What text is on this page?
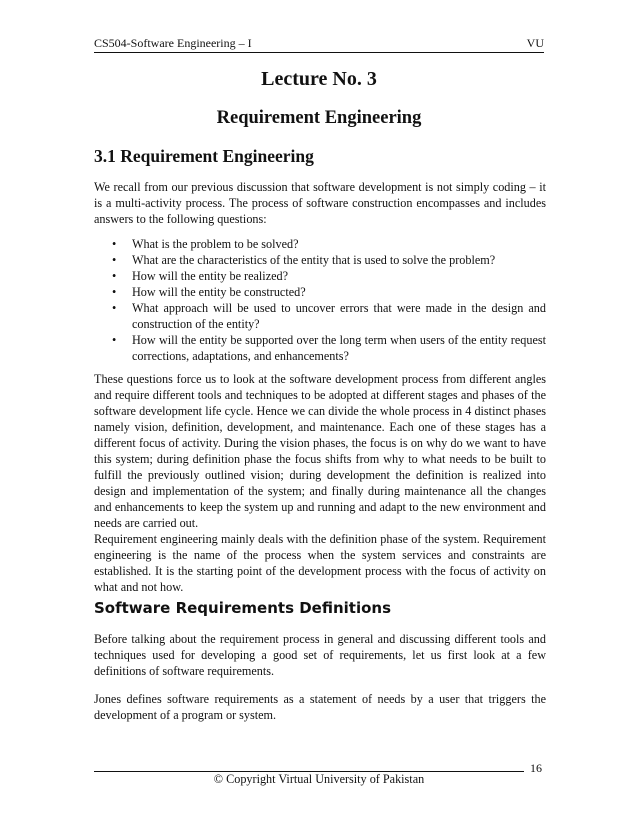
CS504-Software Engineering – I	VU
Lecture No. 3
Requirement Engineering
3.1 Requirement Engineering

We recall from our previous discussion that software development is not simply coding – it is a multi-activity process. The process of software construction encompasses and includes answers to the following questions:

• What is the problem to be solved?
• What are the characteristics of the entity that is used to solve the problem?
• How will the entity be realized?
• How will the entity be constructed?
• What approach will be used to uncover errors that were made in the design and construction of the entity?
• How will the entity be supported over the long term when users of the entity request corrections, adaptations, and enhancements?

These questions force us to look at the software development process from different angles and require different tools and techniques to be adopted at different stages and phases of the software development life cycle. Hence we can divide the whole process in 4 distinct phases namely vision, definition, development, and maintenance. Each one of these stages has a different focus of activity. During the vision phases, the focus is on why do we want to have this system; during definition phase the focus shifts from why to what needs to be built to fulfill the previously outlined vision; during development the definition is realized into design and implementation of the system; and finally during maintenance all the changes and enhancements to keep the system up and running and adapt to the new environment and needs are carried out.

Requirement engineering mainly deals with the definition phase of the system. Requirement engineering is the name of the process when the system services and constraints are established. It is the starting point of the development process with the focus of activity on what and not how.

Software Requirements Definitions

Before talking about the requirement process in general and discussing different tools and techniques used for developing a good set of requirements, let us first look at a few definitions of software requirements.

Jones defines software requirements as a statement of needs by a user that triggers the development of a program or system.

16
© Copyright Virtual University of Pakistan
